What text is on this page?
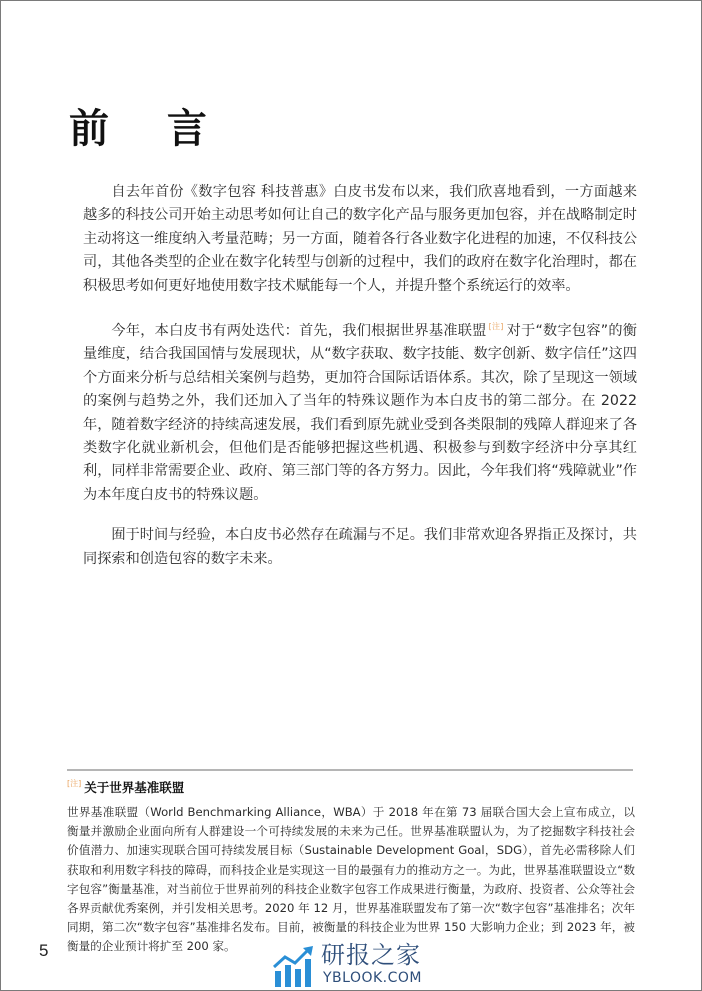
前 言

自去年首份《数字包容 科技普惠》白皮书发布以来，我们欣喜地看到，一方面越来越多的科技公司开始主动思考如何让自己的数字化产品与服务更加包容，并在战略制定时主动将这一维度纳入考量范畴；另一方面，随着各行各业数字化进程的加速，不仅科技公司，其他各类型的企业在数字化转型与创新的过程中，我们的政府在数字化治理时，都在积极思考如何更好地使用数字技术赋能每一个人，并提升整个系统运行的效率。

今年，本白皮书有两处迭代：首先，我们根据世界基准联盟 [注] 对于“数字包容”的衡量维度，结合我国国情与发展现状，从“数字获取、数字技能、数字创新、数字信任”这四个方面来分析与总结相关案例与趋势，更加符合国际话语体系。其次，除了呈现这一领域的案例与趋势之外，我们还加入了当年的特殊议题作为本白皮书的第二部分。在 2022 年，随着数字经济的持续高速发展，我们看到原先就业受到各类限制的残障人群迎来了各类数字化就业新机会，但他们是否能够把握这些机遇、积极参与到数字经济中分享其红利，同样非常需要企业、政府、第三部门等的各方努力。因此，今年我们将“残障就业”作为本年度白皮书的特殊议题。

囿于时间与经验，本白皮书必然存在疏漏与不足。我们非常欢迎各界指正及探讨，共同探索和创造包容的数字未来。

[注] 关于世界基准联盟

世界基准联盟（World Benchmarking Alliance，WBA）于 2018 年在第 73 届联合国大会上宣布成立，以衡量并激励企业面向所有人群建设一个可持续发展的未来为己任。世界基准联盟认为，为了挖掘数字科技社会价值潜力、加速实现联合国可持续发展目标（Sustainable Development Goal，SDG），首先必需移除人们获取和利用数字科技的障碍，而科技企业是实现这一目的最强有力的推动方之一。为此，世界基准联盟设立“数字包容”衡量基准，对当前位于世界前列的科技企业数字包容工作成果进行衡量，为政府、投资者、公众等社会各界贡献优秀案例，并引发相关思考。2020 年 12 月，世界基准联盟发布了第一次“数字包容”基准排名；次年同期，第二次“数字包容”基准排名发布。目前，被衡量的科技企业为世界 150 大影响力企业；到 2023 年，被衡量的企业预计将扩至 200 家。

5	研报之家
YBLOOK.COM
